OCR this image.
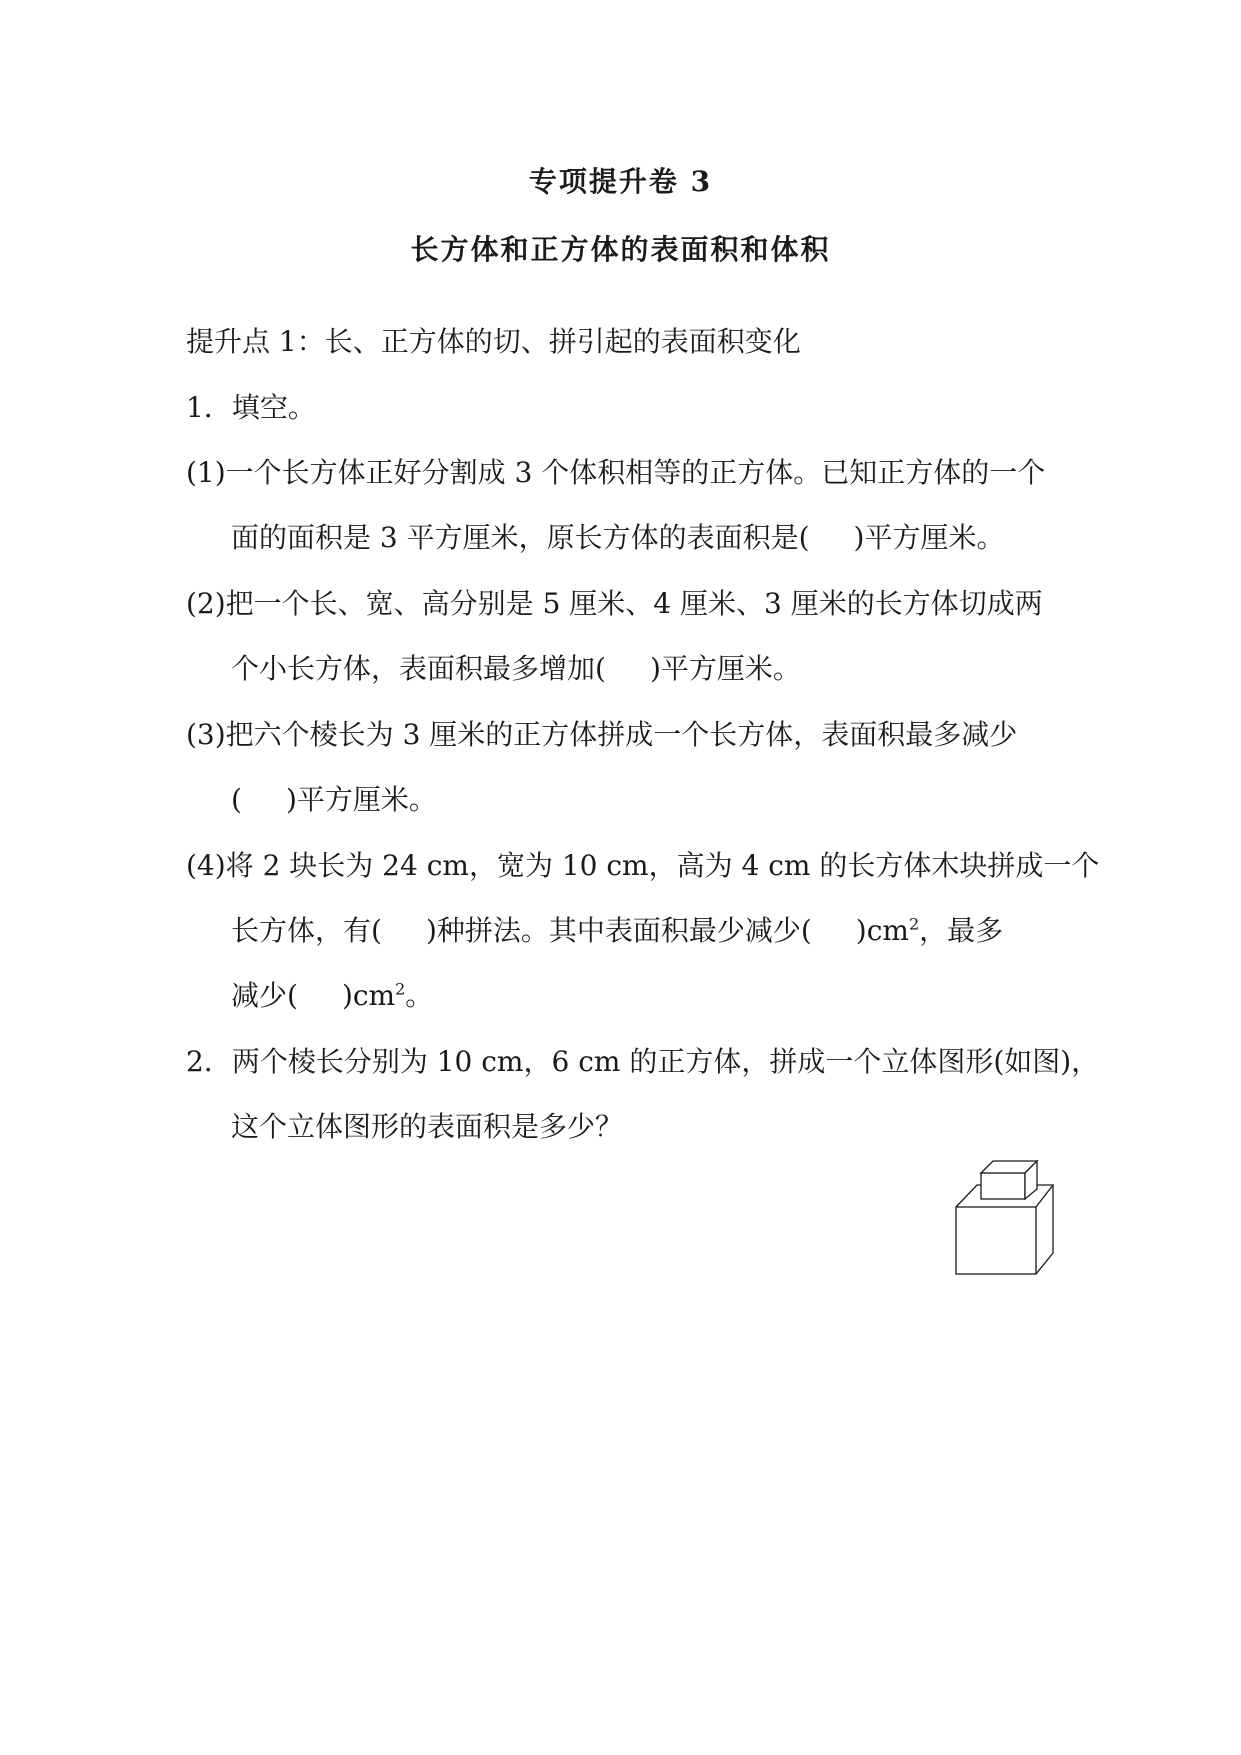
专项提升卷 3
长方体和正方体的表面积和体积
提升点 1：长、正方体的切、拼引起的表面积变化
1．填空。
(1)一个长方体正好分割成 3 个体积相等的正方体。已知正方体的一个
面的面积是 3 平方厘米，原长方体的表面积是( )平方厘米。
(2)把一个长、宽、高分别是 5 厘米、4 厘米、3 厘米的长方体切成两
个小长方体，表面积最多增加( )平方厘米。
(3)把六个棱长为 3 厘米的正方体拼成一个长方体，表面积最多减少
( )平方厘米。
(4)将 2 块长为 24 cm，宽为 10 cm，高为 4 cm 的长方体木块拼成一个
长方体，有( )种拼法。其中表面积最少减少( )$cm^2$，最多
减少( )$cm^2$。
2．两个棱长分别为 10 cm，6 cm 的正方体，拼成一个立体图形(如图)，
这个立体图形的表面积是多少？
